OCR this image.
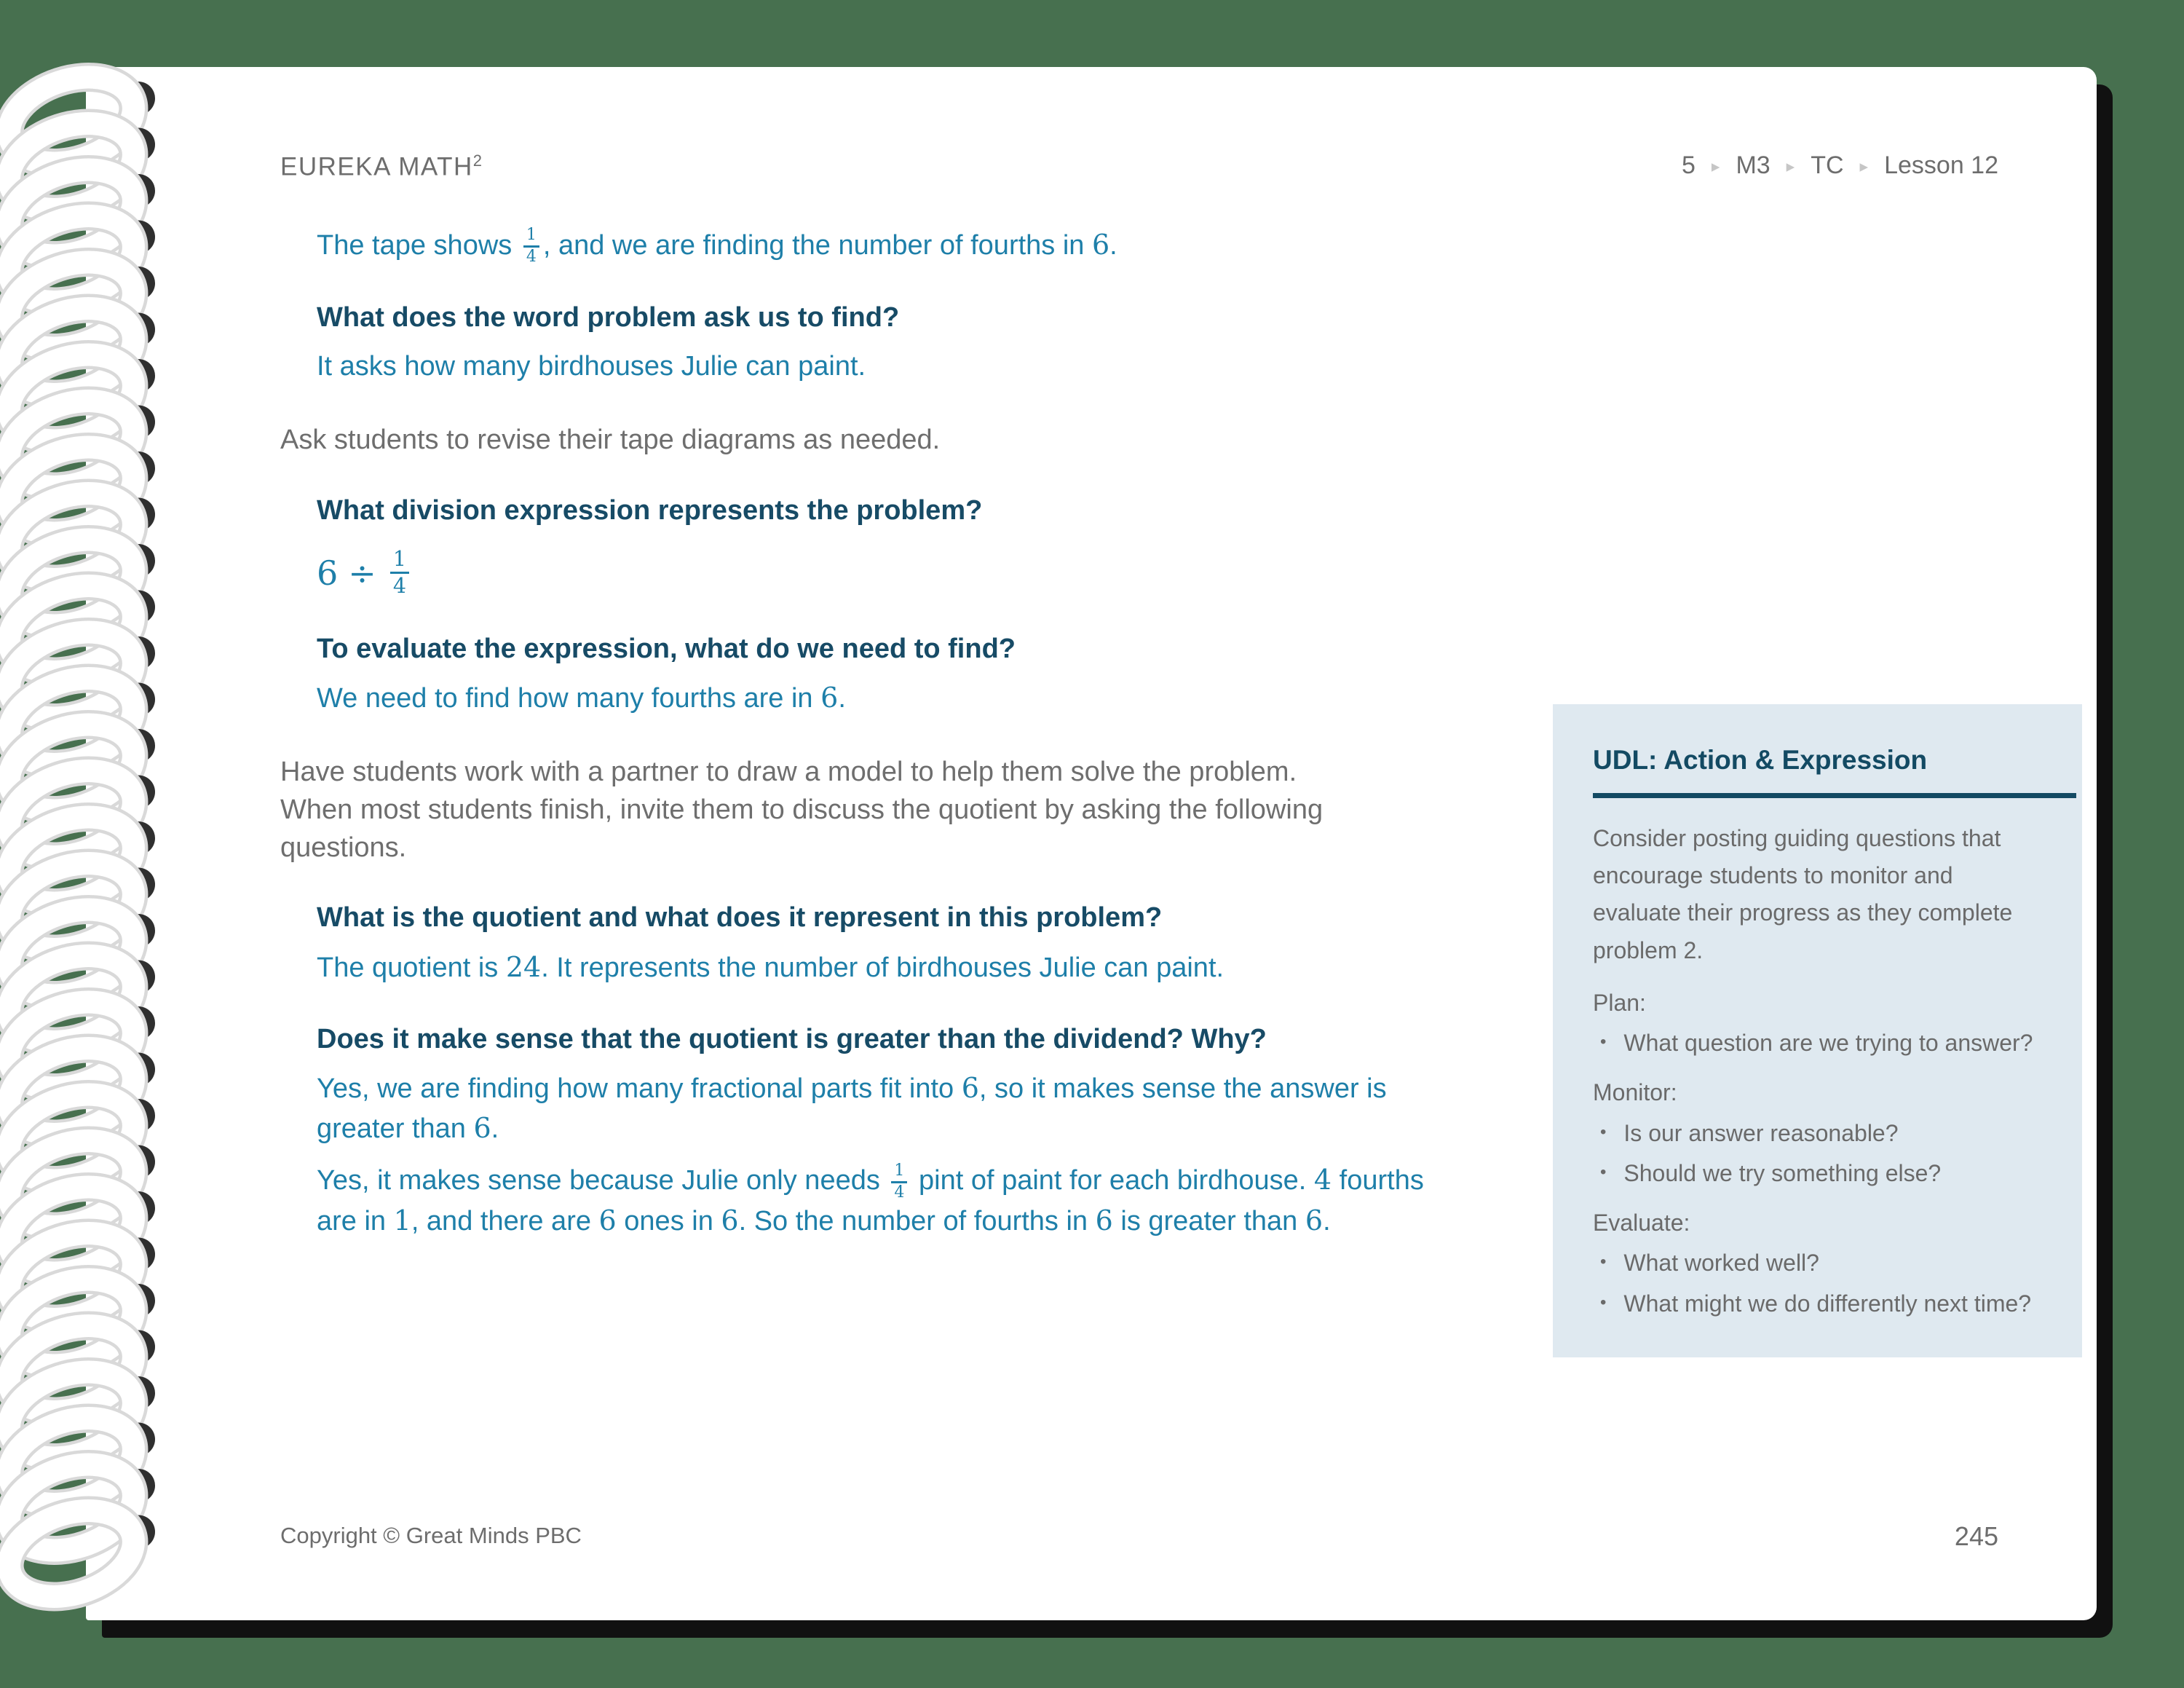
EUREKA MATH$^2$	5 ▸ M3 ▸ TC ▸ Lesson 12
The tape shows $\frac{1}{4}$ , and we are finding the number of fourths in 6.
What does the word problem ask us to find?
It asks how many birdhouses Julie can paint.
Ask students to revise their tape diagrams as needed.
What division expression represents the problem?
$6 \div \frac{1}{4}$
To evaluate the expression, what do we need to find?
We need to find how many fourths are in 6.
Have students work with a partner to draw a model to help them solve the problem. When most students finish, invite them to discuss the quotient by asking the following questions.
What is the quotient and what does it represent in this problem?
The quotient is 24. It represents the number of birdhouses Julie can paint.
Does it make sense that the quotient is greater than the dividend? Why?
Yes, we are finding how many fractional parts fit into 6, so it makes sense the answer is greater than 6.
Yes, it makes sense because Julie only needs $\frac{1}{4}$ pint of paint for each birdhouse. 4 fourths are in 1, and there are 6 ones in 6. So the number of fourths in 6 is greater than 6.
UDL: Action & Expression

Consider posting guiding questions that encourage students to monitor and evaluate their progress as they complete problem 2.

Plan:
• What question are we trying to answer?
Monitor:
• Is our answer reasonable?
• Should we try something else?
Evaluate:
• What worked well?
• What might we do differently next time?
Copyright © Great Minds PBC	245
